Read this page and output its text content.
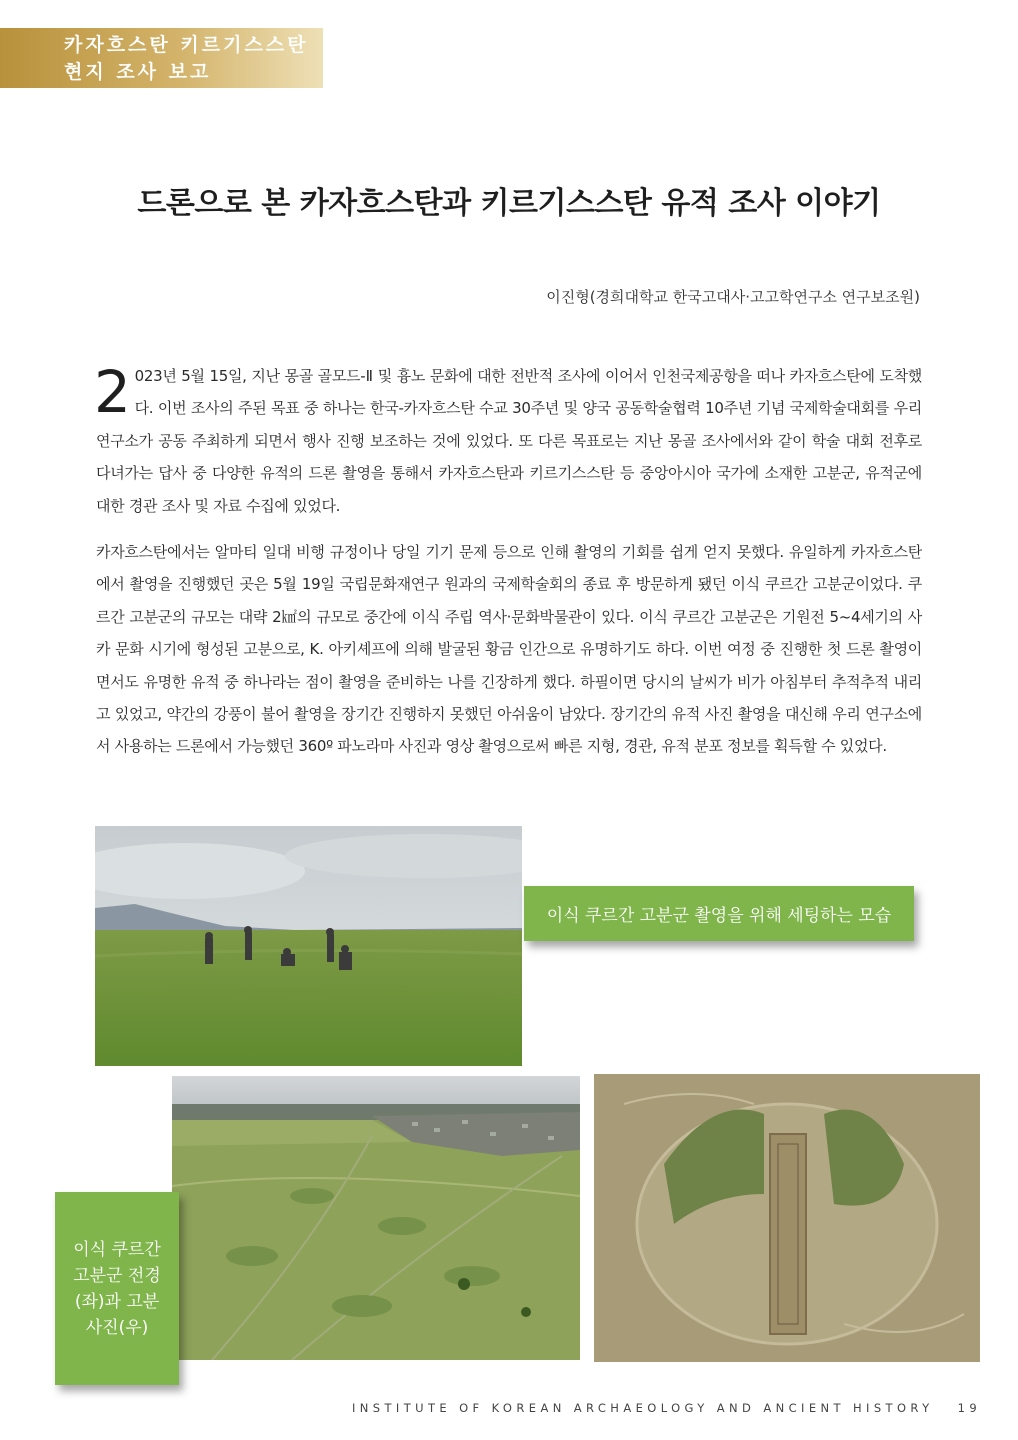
카자흐스탄 키르기스스탄
현지 조사 보고
드론으로 본 카자흐스탄과 키르기스스탄 유적 조사 이야기
이진형(경희대학교 한국고대사·고고학연구소 연구보조원)

2 023년 5월 15일, 지난 몽골 골모드-Ⅱ 및 흉노 문화에 대한 전반적 조사에 이어서 인천국제공항을 떠나 카자흐스탄에 도착했다. 이번 조사의 주된 목표 중 하나는 한국-카자흐스탄 수교 30주년 및 양국 공동학술협력 10주년 기념 국제학술대회를 우리 연구소가 공동 주최하게 되면서 행사 진행 보조하는 것에 있었다. 또 다른 목표로는 지난 몽골 조사에서와 같이 학술 대회 전후로 다녀가는 답사 중 다양한 유적의 드론 촬영을 통해서 카자흐스탄과 키르기스스탄 등 중앙아시아 국가에 소재한 고분군, 유적군에 대한 경관 조사 및 자료 수집에 있었다.

카자흐스탄에서는 알마티 일대 비행 규정이나 당일 기기 문제 등으로 인해 촬영의 기회를 쉽게 얻지 못했다. 유일하게 카자흐스탄에서 촬영을 진행했던 곳은 5월 19일 국립문화재연구 원과의 국제학술회의 종료 후 방문하게 됐던 이식 쿠르간 고분군이었다. 쿠르간 고분군의 규모는 대략 2㎢의 규모로 중간에 이식 주립 역사·문화박물관이 있다. 이식 쿠르간 고분군은 기원전 5~4세기의 사카 문화 시기에 형성된 고분으로, K. 아키셰프에 의해 발굴된 황금 인간으로 유명하기도 하다. 이번 여정 중 진행한 첫 드론 촬영이면서도 유명한 유적 중 하나라는 점이 촬영을 준비하는 나를 긴장하게 했다. 하필이면 당시의 날씨가 비가 아침부터 추적추적 내리고 있었고, 약간의 강풍이 불어 촬영을 장기간 진행하지 못했던 아쉬움이 남았다. 장기간의 유적 사진 촬영을 대신해 우리 연구소에서 사용하는 드론에서 가능했던 360º 파노라마 사진과 영상 촬영으로써 빠른 지형, 경관, 유적 분포 정보를 획득할 수 있었다.

이식 쿠르간 고분군 촬영을 위해 세팅하는 모습
이식 쿠르간 고분군 전경 (좌)과 고분 사진(우)
INSTITUTE OF KOREAN ARCHAEOLOGY AND ANCIENT HISTORY 19
